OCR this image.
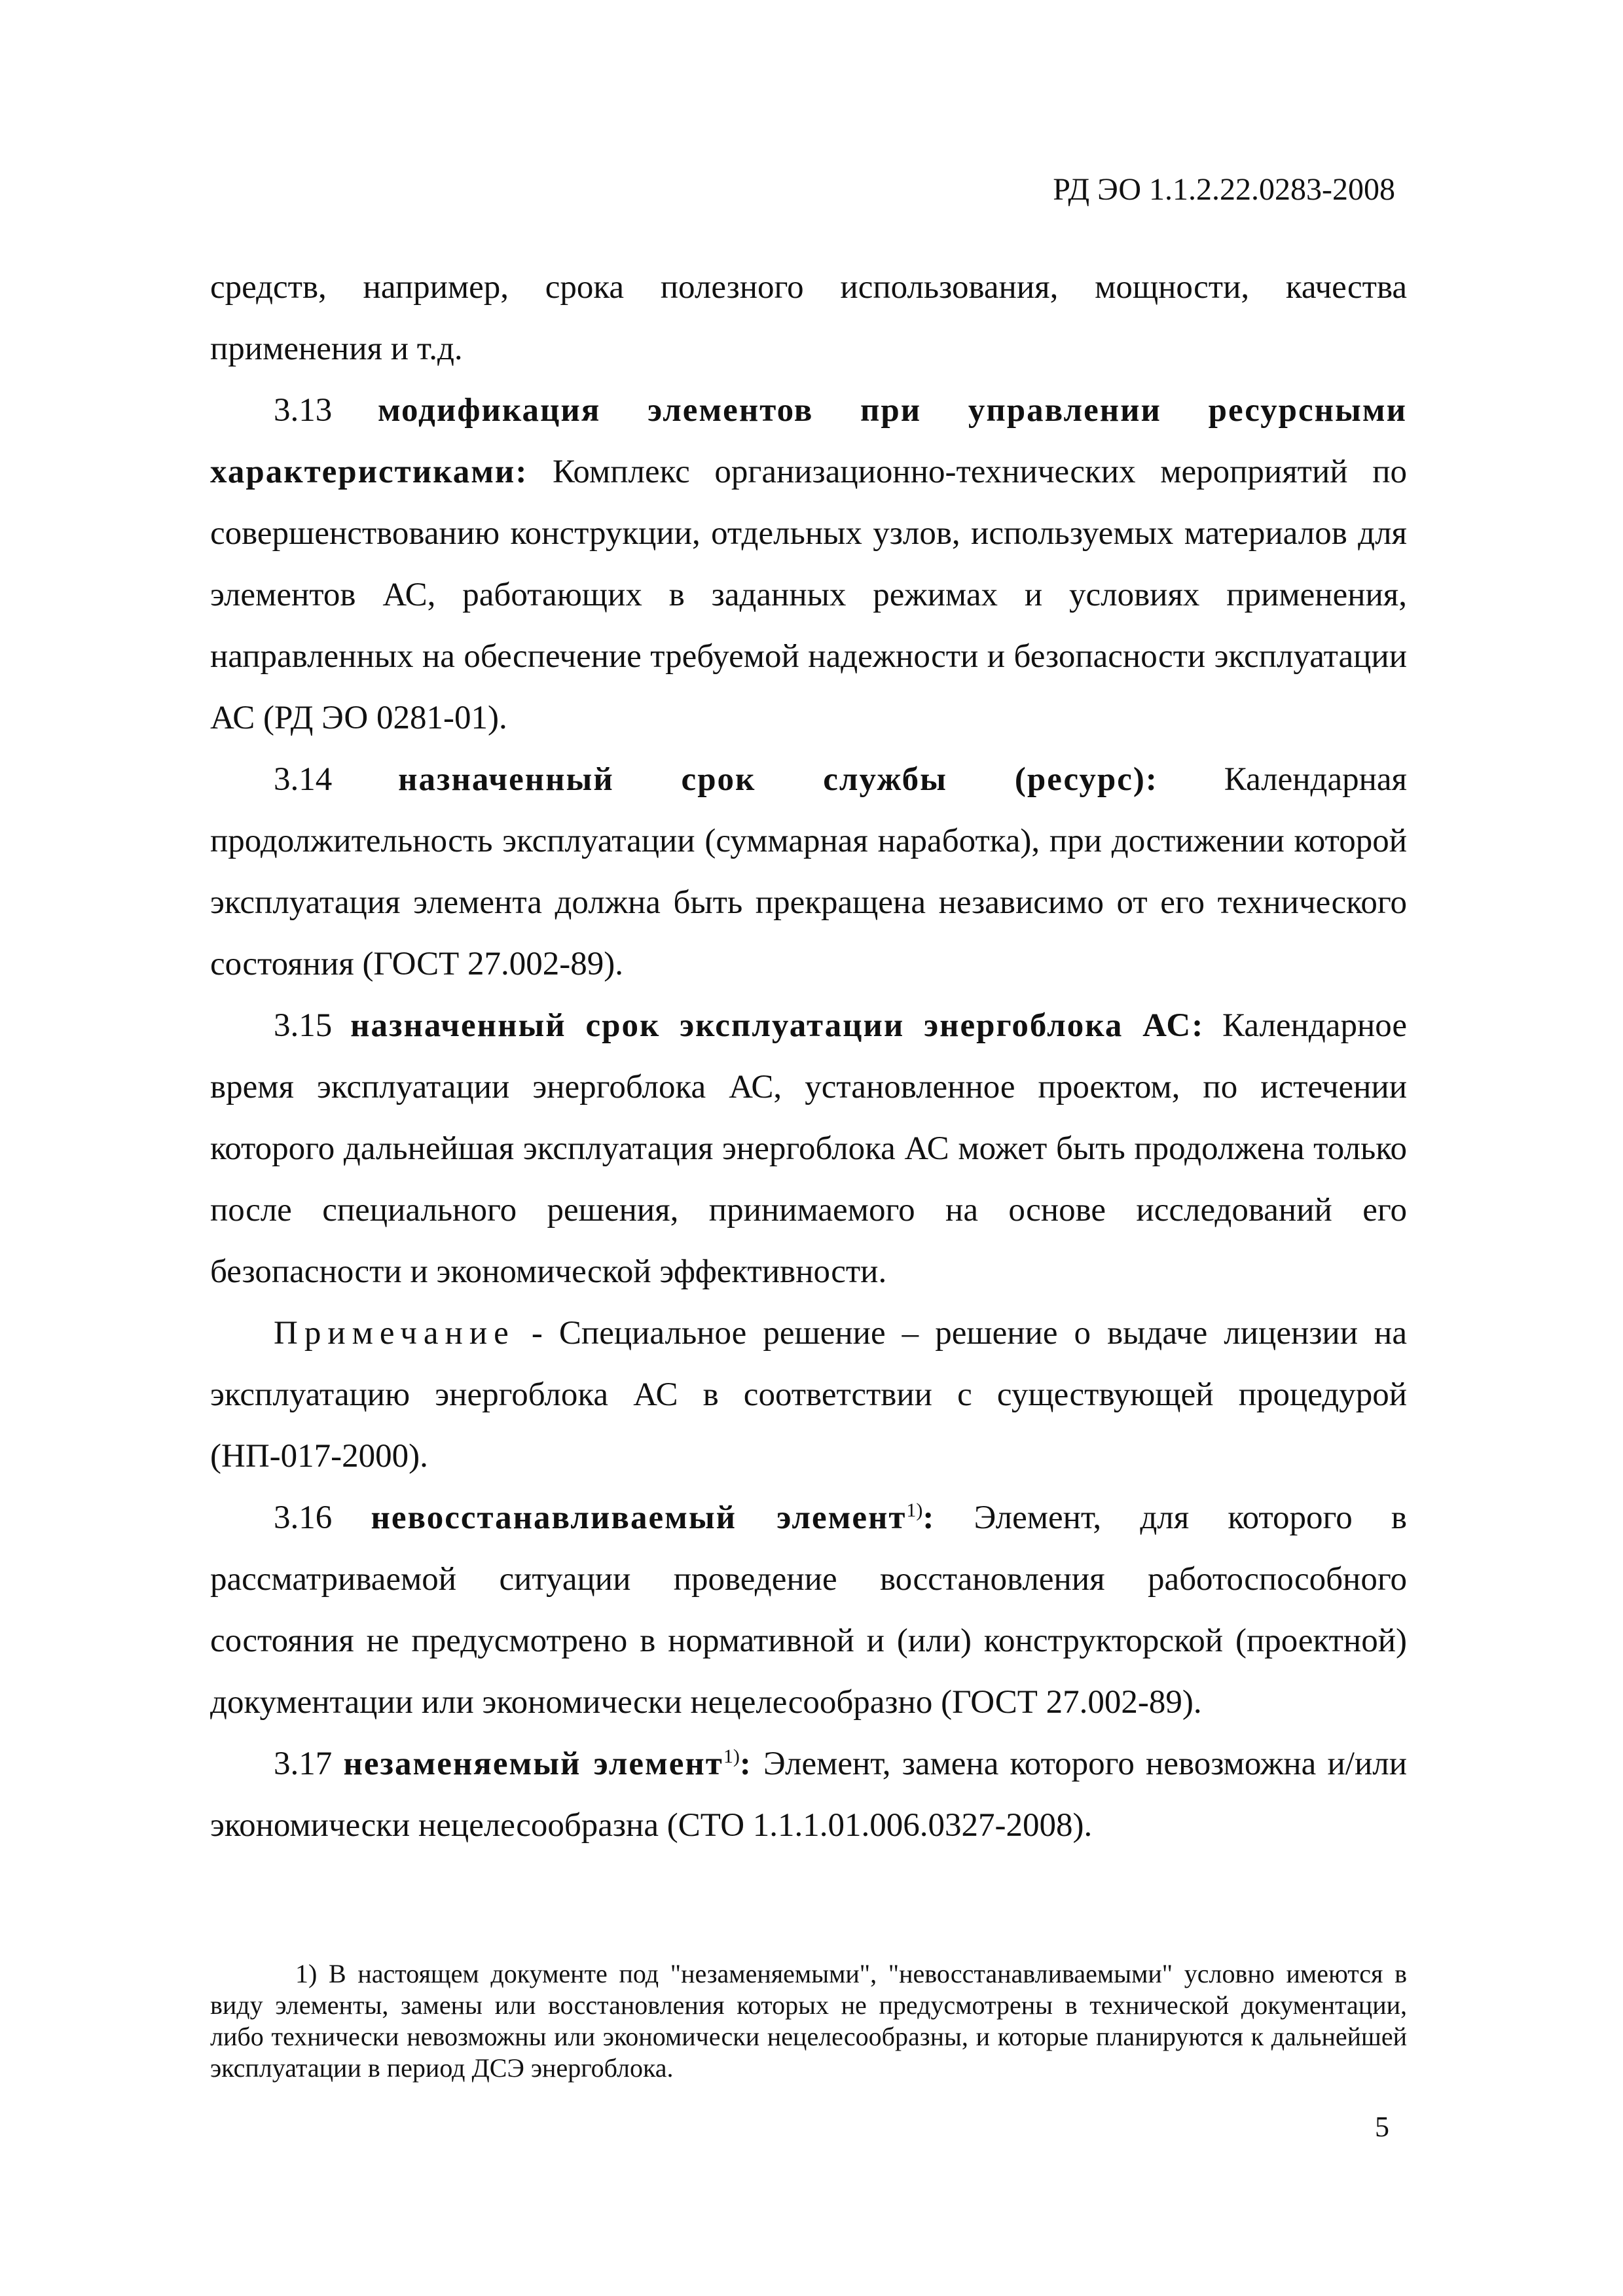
РД ЭО 1.1.2.22.0283-2008

средств, например, срока полезного использования, мощности, качества применения и т.д.

3.13 модификация элементов при управлении ресурсными характеристиками: Комплекс организационно-технических мероприятий по совершенствованию конструкции, отдельных узлов, используемых материалов для элементов АС, работающих в заданных режимах и условиях применения, направленных на обеспечение требуемой надежности и безопасности эксплуатации АС (РД ЭО 0281-01).

3.14 назначенный срок службы (ресурс): Календарная продолжительность эксплуатации (суммарная наработка), при достижении которой эксплуатация элемента должна быть прекращена независимо от его технического состояния (ГОСТ 27.002-89).

3.15 назначенный срок эксплуатации энергоблока АС: Календарное время эксплуатации энергоблока АС, установленное проектом, по истечении которого дальнейшая эксплуатация энергоблока АС может быть продолжена только после специального решения, принимаемого на основе исследований его безопасности и экономической эффективности.

Примечание - Специальное решение – решение о выдаче лицензии на эксплуатацию энергоблока АС в соответствии с существующей процедурой (НП-017-2000).

3.16 невосстанавливаемый элемент$^{1)}$: Элемент, для которого в рассматриваемой ситуации проведение восстановления работоспособного состояния не предусмотрено в нормативной и (или) конструкторской (проектной) документации или экономически нецелесообразно (ГОСТ 27.002-89).

3.17 незаменяемый элемент$^{1)}$: Элемент, замена которого невозможна и/или экономически нецелесообразна (СТО 1.1.1.01.006.0327-2008).

1) В настоящем документе под "незаменяемыми", "невосстанавливаемыми" условно имеются в виду элементы, замены или восстановления которых не предусмотрены в технической документации, либо технически невозможны или экономически нецелесообразны, и которые планируются к дальнейшей эксплуатации в период ДСЭ энергоблока.

5
